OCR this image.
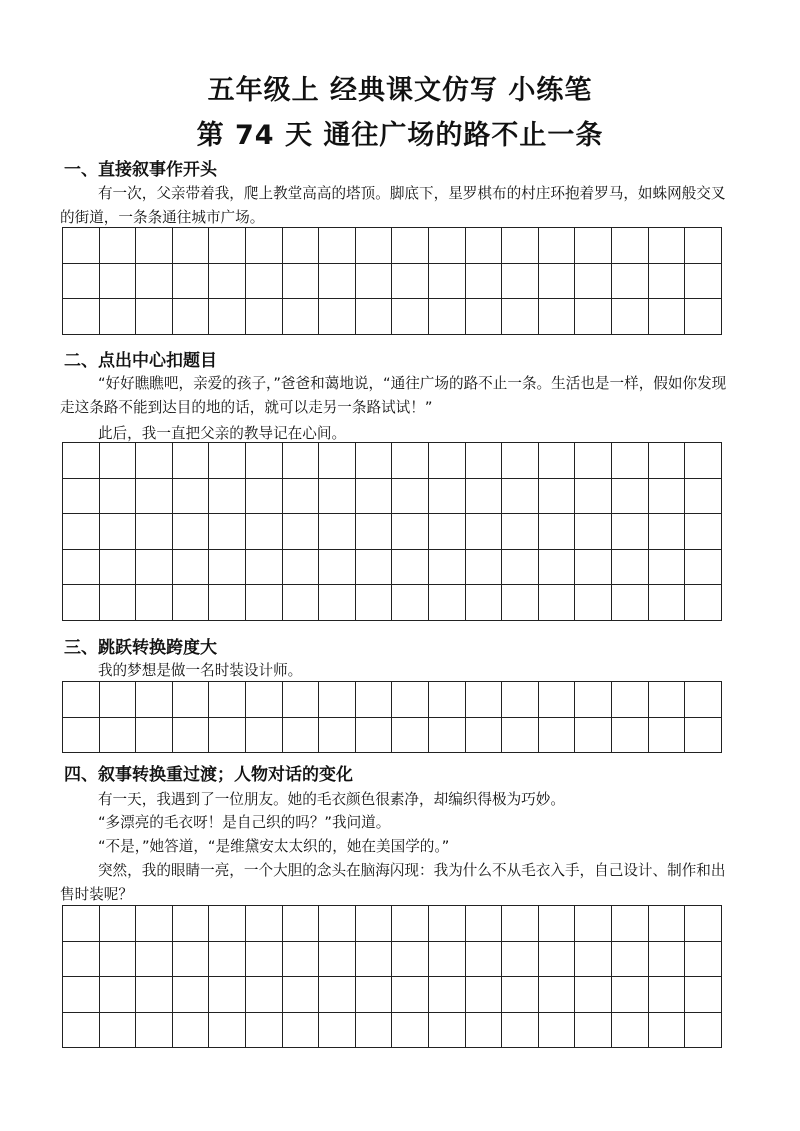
五年级上 经典课文仿写 小练笔
第 74 天 通往广场的路不止一条
一、直接叙事作开头

有一次，父亲带着我，爬上教堂高高的塔顶。脚底下，星罗棋布的村庄环抱着罗马，如蛛网般交叉的街道，一条条通往城市广场。

二、点出中心扣题目

“好好瞧瞧吧，亲爱的孩子，”爸爸和蔼地说，“通往广场的路不止一条。生活也是一样，假如你发现走这条路不能到达目的地的话，就可以走另一条路试试！”

此后，我一直把父亲的教导记在心间。

三、跳跃转换跨度大

我的梦想是做一名时装设计师。

四、叙事转换重过渡；人物对话的变化

有一天，我遇到了一位朋友。她的毛衣颜色很素净，却编织得极为巧妙。

“多漂亮的毛衣呀！是自己织的吗？”我问道。

“不是，”她答道，“是维黛安太太织的，她在美国学的。”

突然，我的眼睛一亮，一个大胆的念头在脑海闪现：我为什么不从毛衣入手，自己设计、制作和出售时装呢？
